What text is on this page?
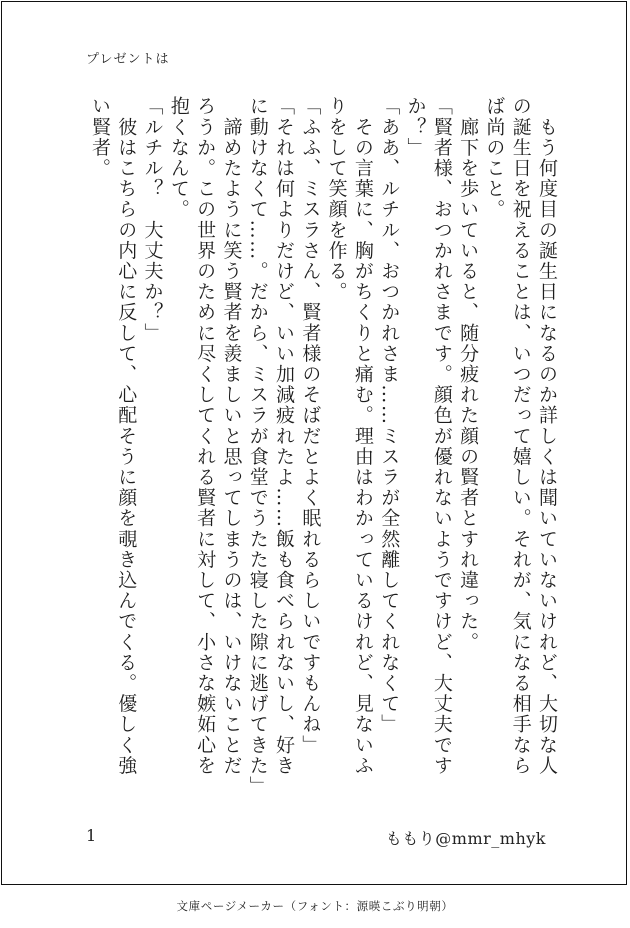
プレゼントは

　もう何度目の誕生日になるのか詳しくは聞いていないけれど、大切な人の誕生日を祝えることは、いつだって嬉しい。それが、気になる相手ならば尚のこと。

　廊下を歩いていると、随分疲れた顔の賢者とすれ違った。

「賢者様、おつかれさまです。顔色が優れないようですけど、大丈夫ですか？」

「ああ、ルチル、おつかれさま……ミスラが全然離してくれなくて」

　その言葉に、胸がちくりと痛む。理由はわかっているけれど、見ないふりをして笑顔を作る。

「ふふ、ミスラさん、賢者様のそばだとよく眠れるらしいですもんね」

「それは何よりだけど、いい加減疲れたよ……飯も食べられないし、好きに動けなくて……。だから、ミスラが食堂でうたた寝した隙に逃げてきた」

　諦めたように笑う賢者を羨ましいと思ってしまうのは、いけないことだろうか。この世界のために尽くしてくれる賢者に対して、小さな嫉妬心を抱くなんて。

「ルチル？　大丈夫か？」

　彼はこちらの内心に反して、心配そうに顔を覗き込んでくる。優しく強い賢者。

1	ももり@mmr_mhyk
文庫ページメーカー（フォント：源暎こぶり明朝）
